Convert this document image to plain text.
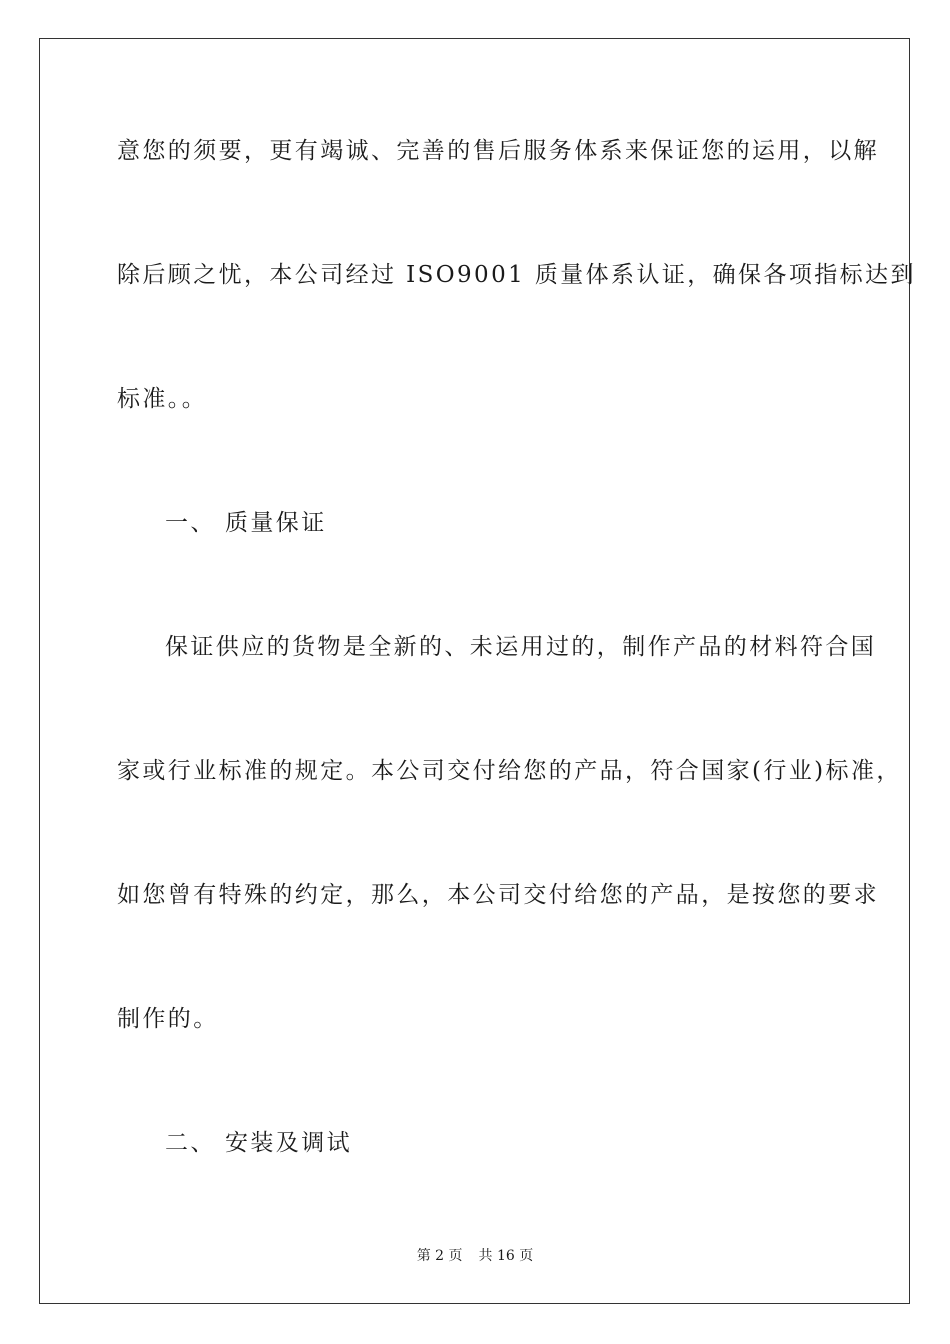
意您的须要，更有竭诚、完善的售后服务体系来保证您的运用，以解
除后顾之忧，本公司经过 ISO9001 质量体系认证，确保各项指标达到
标准。。
一、 质量保证
保证供应的货物是全新的、未运用过的，制作产品的材料符合国
家或行业标准的规定。本公司交付给您的产品，符合国家(行业)标准，
如您曾有特殊的约定，那么，本公司交付给您的产品，是按您的要求
制作的。
二、 安装及调试
第 2 页 共 16 页
